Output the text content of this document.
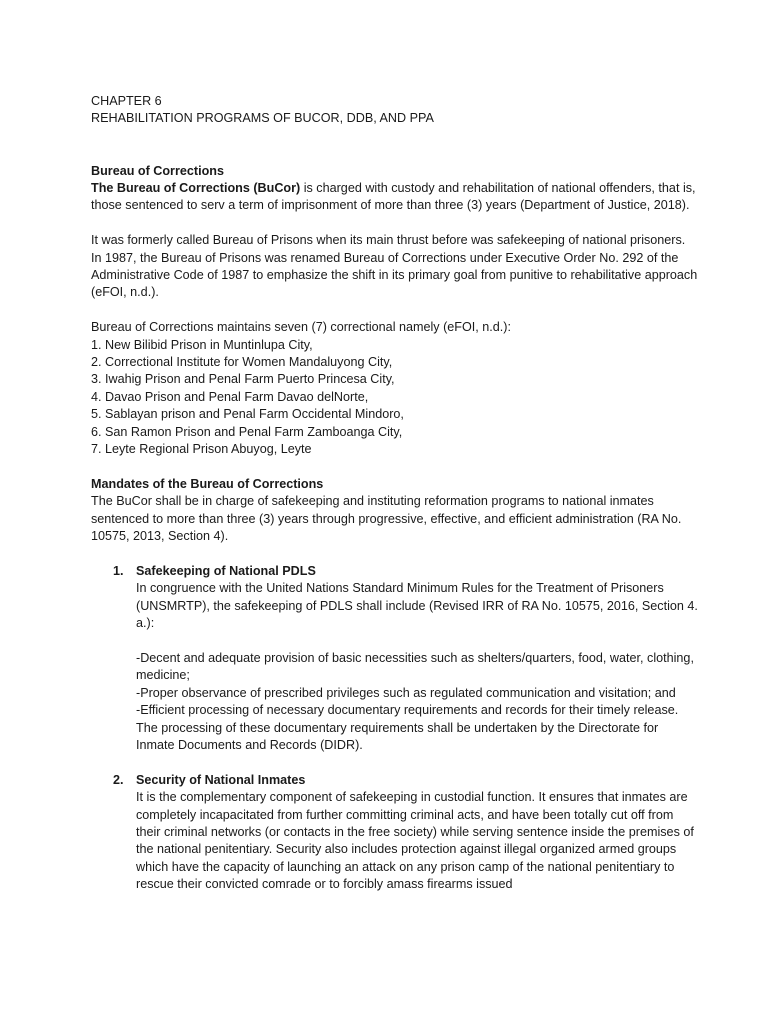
CHAPTER 6

REHABILITATION PROGRAMS OF BUCOR, DDB, AND PPA

Bureau of Corrections

The Bureau of Corrections (BuCor) is charged with custody and rehabilitation of national offenders, that is, those sentenced to serv a term of imprisonment of more than three (3) years (Department of Justice, 2018).

It was formerly called Bureau of Prisons when its main thrust before was safekeeping of national prisoners. In 1987, the Bureau of Prisons was renamed Bureau of Corrections under Executive Order No. 292 of the Administrative Code of 1987 to emphasize the shift in its primary goal from punitive to rehabilitative approach (eFOI, n.d.).

Bureau of Corrections maintains seven (7) correctional namely (eFOI, n.d.):

1. New Bilibid Prison in Muntinlupa City,
2. Correctional Institute for Women Mandaluyong City,
3. Iwahig Prison and Penal Farm Puerto Princesa City,
4. Davao Prison and Penal Farm Davao delNorte,
5. Sablayan prison and Penal Farm Occidental Mindoro,
6. San Ramon Prison and Penal Farm Zamboanga City,
7. Leyte Regional Prison Abuyog, Leyte

Mandates of the Bureau of Corrections

The BuCor shall be in charge of safekeeping and instituting reformation programs to national inmates sentenced to more than three (3) years through progressive, effective, and efficient administration (RA No. 10575, 2013, Section 4).

1. Safekeeping of National PDLS

In congruence with the United Nations Standard Minimum Rules for the Treatment of Prisoners (UNSMRTP), the safekeeping of PDLS shall include (Revised IRR of RA No. 10575, 2016, Section 4. a.):

-Decent and adequate provision of basic necessities such as shelters/quarters, food, water, clothing, medicine;

-Proper observance of prescribed privileges such as regulated communication and visitation; and

-Efficient processing of necessary documentary requirements and records for their timely release. The processing of these documentary requirements shall be undertaken by the Directorate for Inmate Documents and Records (DIDR).

2. Security of National Inmates

It is the complementary component of safekeeping in custodial function. It ensures that inmates are completely incapacitated from further committing criminal acts, and have been totally cut off from their criminal networks (or contacts in the free society) while serving sentence inside the premises of the national penitentiary. Security also includes protection against illegal organized armed groups which have the capacity of launching an attack on any prison camp of the national penitentiary to rescue their convicted comrade or to forcibly amass firearms issued
